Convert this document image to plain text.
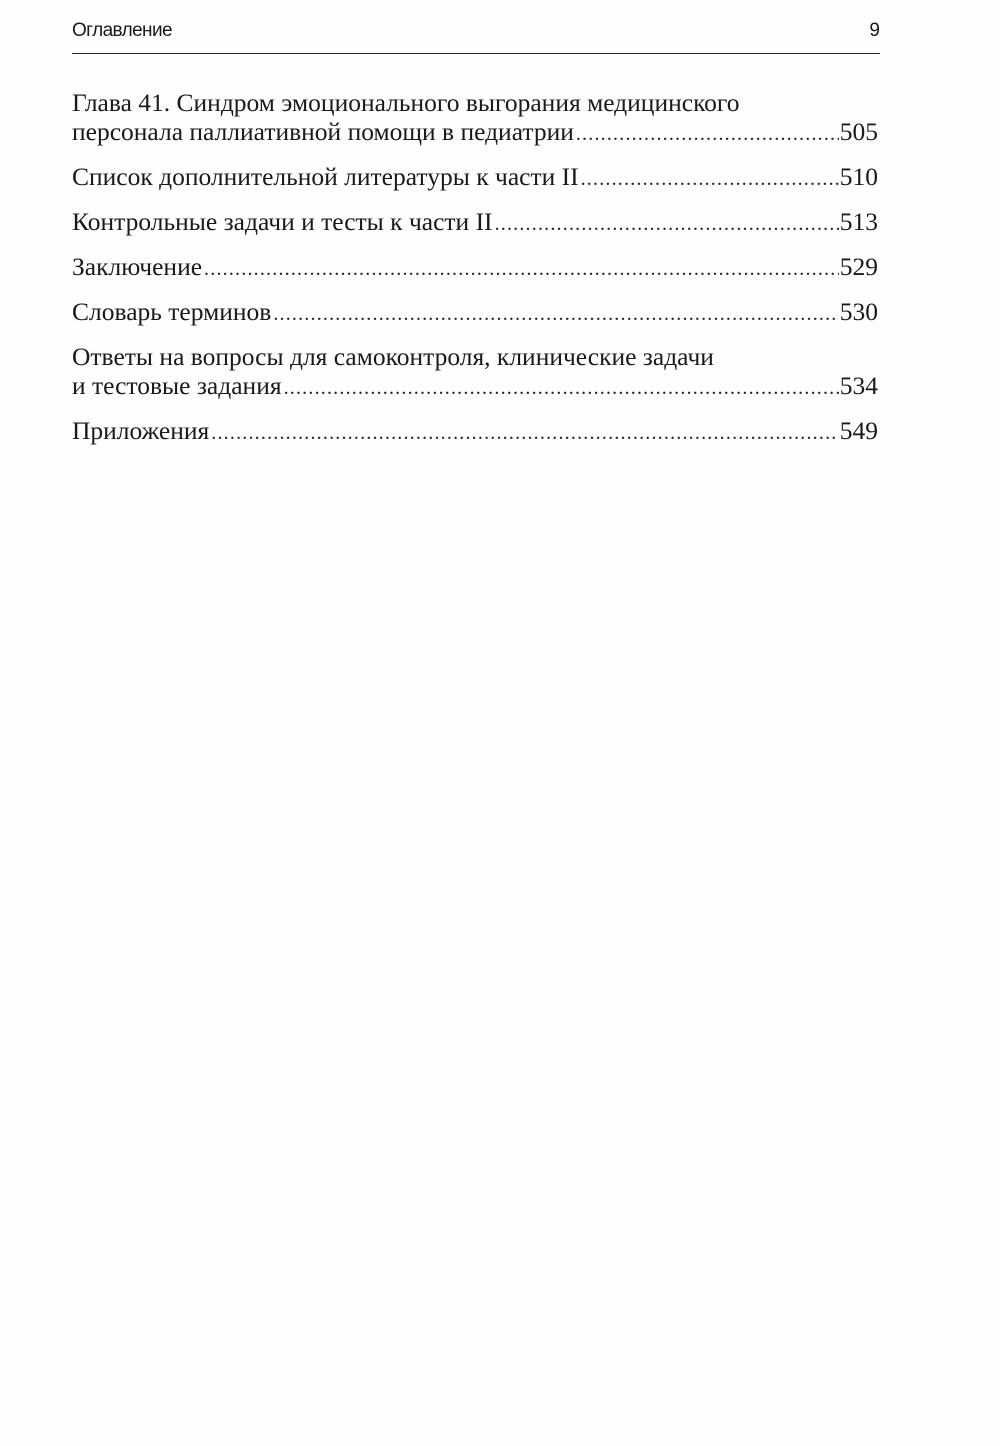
Оглавление	9
Глава 41. Синдром эмоционального выгорания медицинского
персонала паллиативной помощи в педиатрии .....	505
Список дополнительной литературы к части II .....	510
Контрольные задачи и тесты к части II .....	513
Заключение .....	529
Словарь терминов .....	530
Ответы на вопросы для самоконтроля, клинические задачи
и тестовые задания .....	534
Приложения .....	549
